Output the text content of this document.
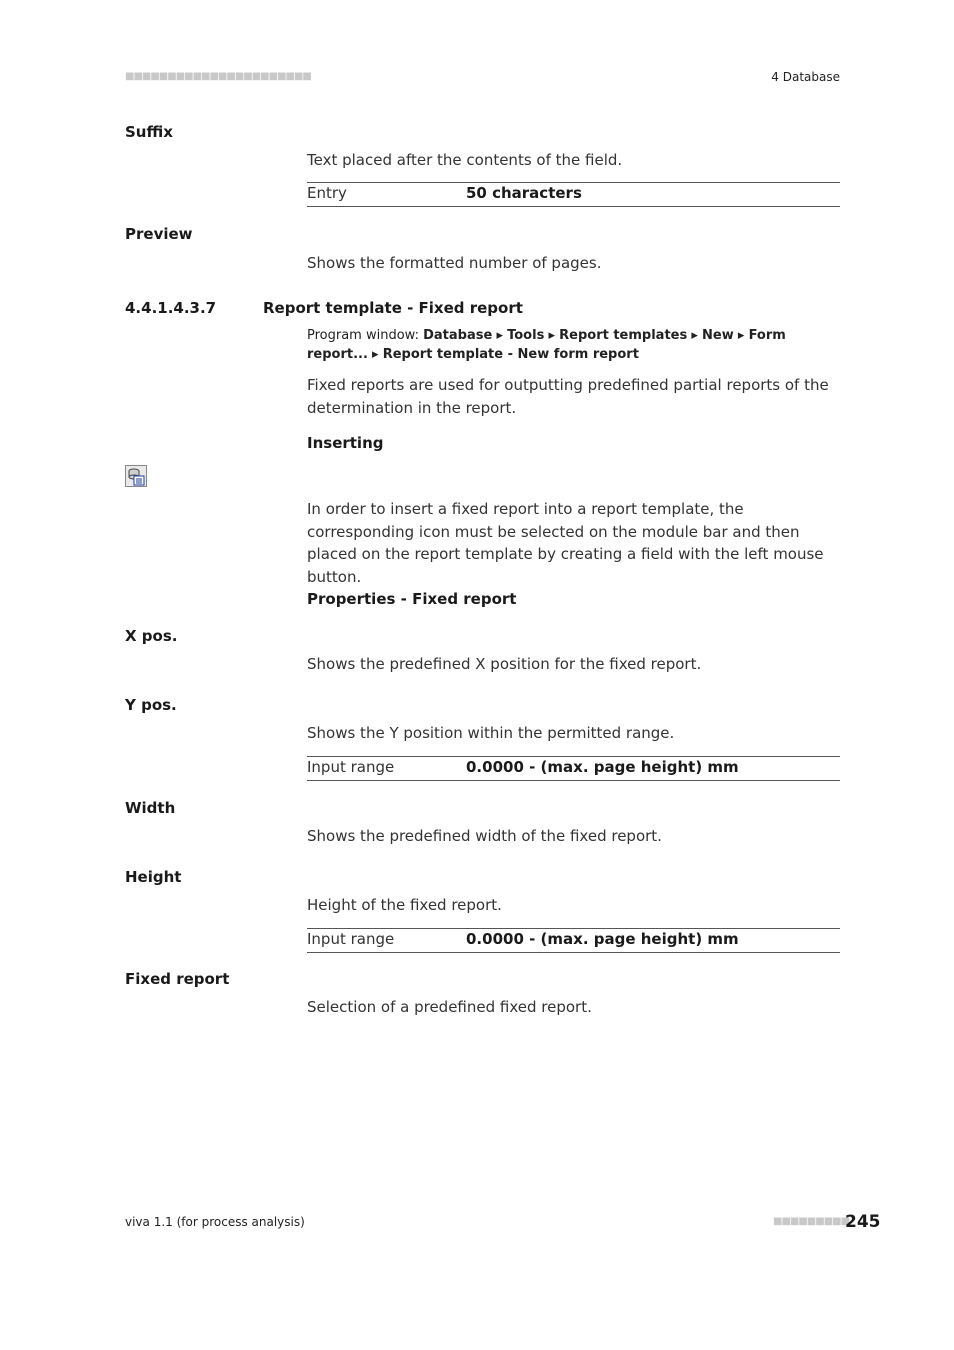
■■■■■■■■■■■■■■■■■■■■■■	4 Database
Suffix
Text placed after the contents of the field.
Entry	50 characters
Preview
Shows the formatted number of pages.
4.4.1.4.3.7	Report template - Fixed report
Program window: Database ▸ Tools ▸ Report templates ▸ New ▸ Form report... ▸ Report template - New form report
Fixed reports are used for outputting predefined partial reports of the determination in the report.
Inserting
In order to insert a fixed report into a report template, the corresponding icon must be selected on the module bar and then placed on the report template by creating a field with the left mouse button.
Properties - Fixed report
X pos.
Shows the predefined X position for the fixed report.
Y pos.
Shows the Y position within the permitted range.
Input range	0.0000 - (max. page height) mm
Width
Shows the predefined width of the fixed report.
Height
Height of the fixed report.
Input range	0.0000 - (max. page height) mm
Fixed report
Selection of a predefined fixed report.
viva 1.1 (for process analysis)	■■■■■■■■■
245
